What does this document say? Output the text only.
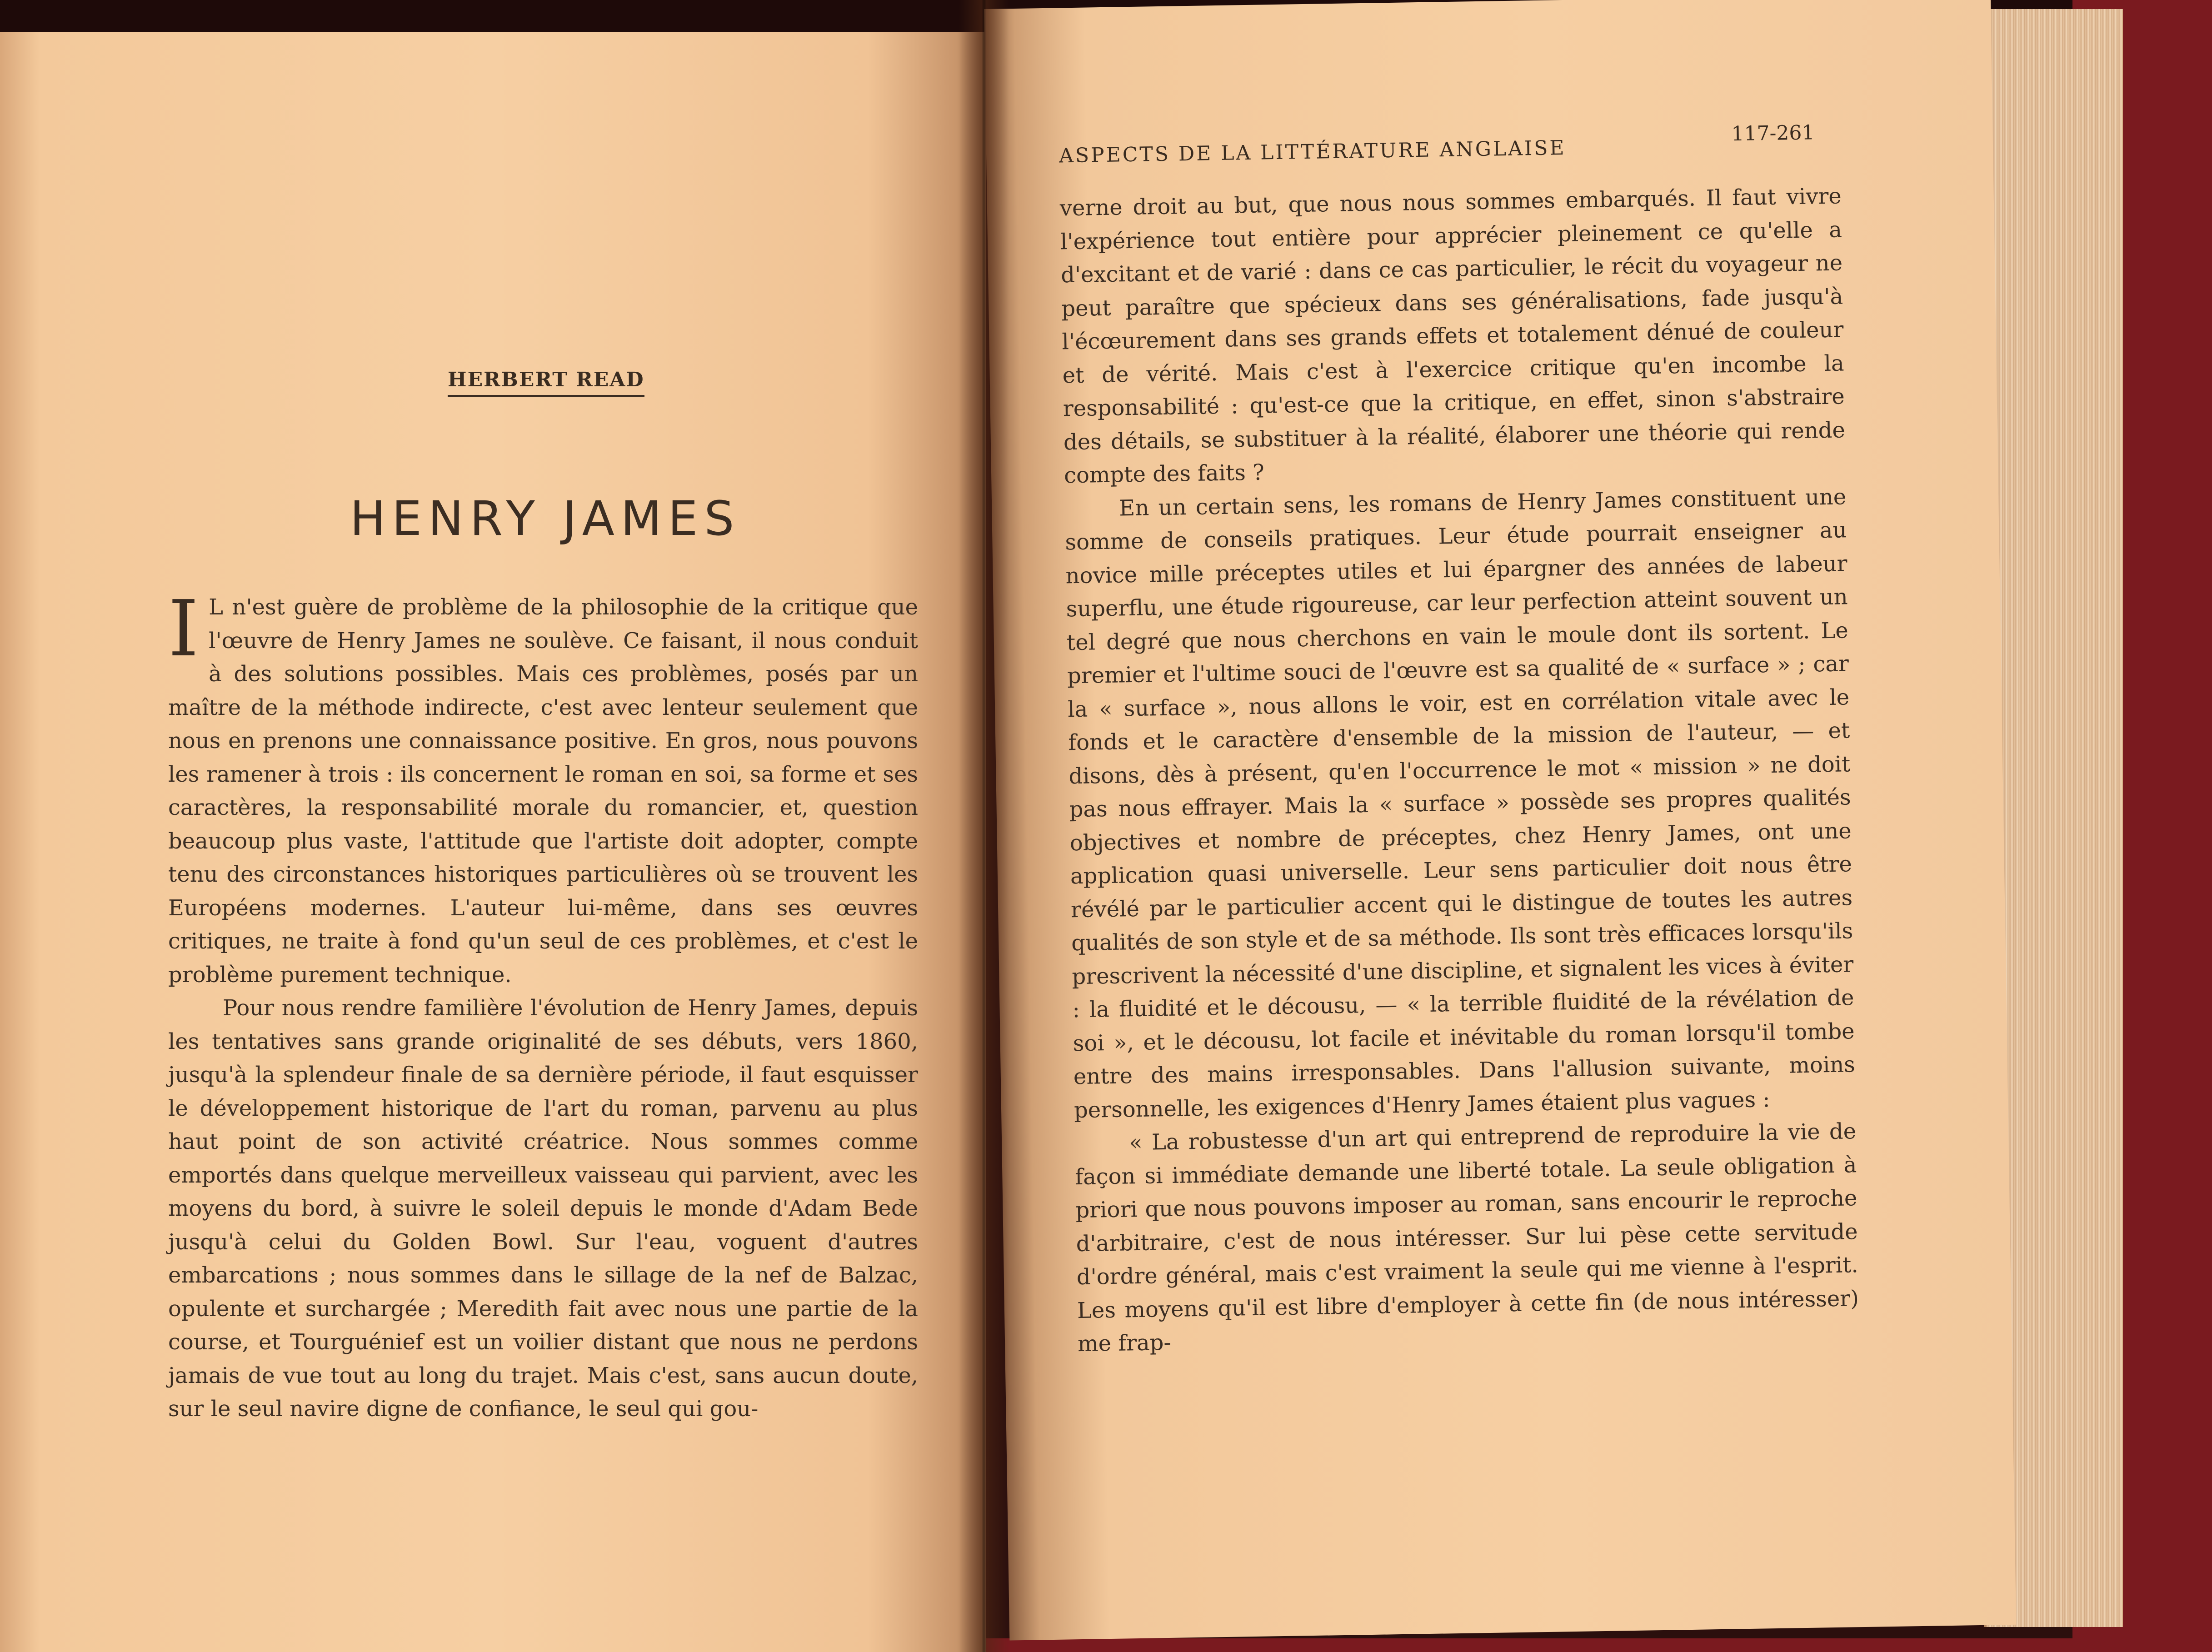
HERBERT READ
HENRY JAMES

I L n'est guère de problème de la philosophie de la critique que l'œuvre de Henry James ne soulève. Ce faisant, il nous conduit à des solutions possibles. Mais ces problèmes, posés par un maître de la méthode indirecte, c'est avec lenteur seulement que nous en prenons une connaissance positive. En gros, nous pouvons les ramener à trois : ils concernent le roman en soi, sa forme et ses caractères, la responsabilité morale du romancier, et, question beaucoup plus vaste, l'attitude que l'artiste doit adopter, compte tenu des circonstances historiques particulières où se trouvent les Européens modernes. L'auteur lui-même, dans ses œuvres critiques, ne traite à fond qu'un seul de ces problèmes, et c'est le problème purement technique.

Pour nous rendre familière l'évolution de Henry James, depuis les tentatives sans grande originalité de ses débuts, vers 1860, jusqu'à la splendeur finale de sa dernière période, il faut esquisser le développement historique de l'art du roman, parvenu au plus haut point de son activité créatrice. Nous sommes comme emportés dans quelque merveilleux vaisseau qui parvient, avec les moyens du bord, à suivre le soleil depuis le monde d'Adam Bede jusqu'à celui du Golden Bowl. Sur l'eau, voguent d'autres embarcations ; nous sommes dans le sillage de la nef de Balzac, opulente et surchargée ; Meredith fait avec nous une partie de la course, et Tourguénief est un voilier distant que nous ne perdons jamais de vue tout au long du trajet. Mais c'est, sans aucun doute, sur le seul navire digne de confiance, le seul qui gou-

ASPECTS DE LA LITTÉRATURE ANGLAISE
117-261

verne droit au but, que nous nous sommes embarqués. Il faut vivre l'expérience tout entière pour apprécier pleinement ce qu'elle a d'excitant et de varié : dans ce cas particulier, le récit du voyageur ne peut paraître que spécieux dans ses généralisations, fade jusqu'à l'écœurement dans ses grands effets et totalement dénué de couleur et de vérité. Mais c'est à l'exercice critique qu'en incombe la responsabilité : qu'est-ce que la critique, en effet, sinon s'abstraire des détails, se substituer à la réalité, élaborer une théorie qui rende compte des faits ?

En un certain sens, les romans de Henry James constituent une somme de conseils pratiques. Leur étude pourrait enseigner au novice mille préceptes utiles et lui épargner des années de labeur superflu, une étude rigoureuse, car leur perfection atteint souvent un tel degré que nous cherchons en vain le moule dont ils sortent. Le premier et l'ultime souci de l'œuvre est sa qualité de « surface » ; car la « surface », nous allons le voir, est en corrélation vitale avec le fonds et le caractère d'ensemble de la mission de l'auteur, — et disons, dès à présent, qu'en l'occurrence le mot « mission » ne doit pas nous effrayer. Mais la « surface » possède ses propres qualités objectives et nombre de préceptes, chez Henry James, ont une application quasi universelle. Leur sens particulier doit nous être révélé par le particulier accent qui le distingue de toutes les autres qualités de son style et de sa méthode. Ils sont très efficaces lorsqu'ils prescrivent la nécessité d'une discipline, et signalent les vices à éviter : la fluidité et le décousu, — « la terrible fluidité de la révélation de soi », et le décousu, lot facile et inévitable du roman lorsqu'il tombe entre des mains irresponsables. Dans l'allusion suivante, moins personnelle, les exigences d'Henry James étaient plus vagues :

« La robustesse d'un art qui entreprend de reproduire la vie de façon si immédiate demande une liberté totale. La seule obligation à priori que nous pouvons imposer au roman, sans encourir le reproche d'arbitraire, c'est de nous intéresser. Sur lui pèse cette servitude d'ordre général, mais c'est vraiment la seule qui me vienne à l'esprit. Les moyens qu'il est libre d'employer à cette fin (de nous intéresser) me frap-
